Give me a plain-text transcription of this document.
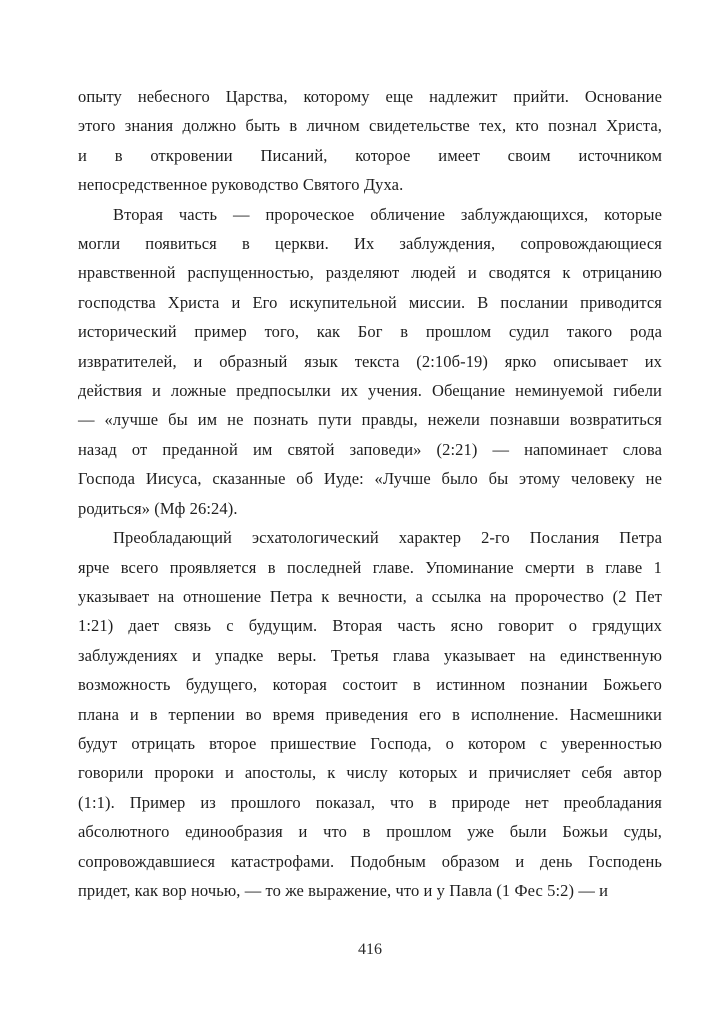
опыту небесного Царства, которому еще надлежит прийти. Основание
этого знания должно быть в личном свидетельстве тех, кто познал Христа,
и в откровении Писаний, которое имеет своим источником
непосредственное руководство Святого Духа.
Вторая часть — пророческое обличение заблуждающихся, которые
могли появиться в церкви. Их заблуждения, сопровождающиеся
нравственной распущенностью, разделяют людей и сводятся к отрицанию
господства Христа и Его искупительной миссии. В послании приводится
исторический пример того, как Бог в прошлом судил такого рода
извратителей, и образный язык текста (2:10б-19) ярко описывает их
действия и ложные предпосылки их учения. Обещание неминуемой гибели
— «лучше бы им не познать пути правды, нежели познавши возвратиться
назад от преданной им святой заповеди» (2:21) — напоминает слова
Господа Иисуса, сказанные об Иуде: «Лучше было бы этому человеку не
родиться» (Мф 26:24).
Преобладающий эсхатологический характер 2-го Послания Петра
ярче всего проявляется в последней главе. Упоминание смерти в главе 1
указывает на отношение Петра к вечности, а ссылка на пророчество (2 Пет
1:21) дает связь с будущим. Вторая часть ясно говорит о грядущих
заблуждениях и упадке веры. Третья глава указывает на единственную
возможность будущего, которая состоит в истинном познании Божьего
плана и в терпении во время приведения его в исполнение. Насмешники
будут отрицать второе пришествие Господа, о котором с уверенностью
говорили пророки и апостолы, к числу которых и причисляет себя автор
(1:1). Пример из прошлого показал, что в природе нет преобладания
абсолютного единообразия и что в прошлом уже были Божьи суды,
сопровождавшиеся катастрофами. Подобным образом и день Господень
придет, как вор ночью, — то же выражение, что и у Павла (1 Фес 5:2) — и
416
